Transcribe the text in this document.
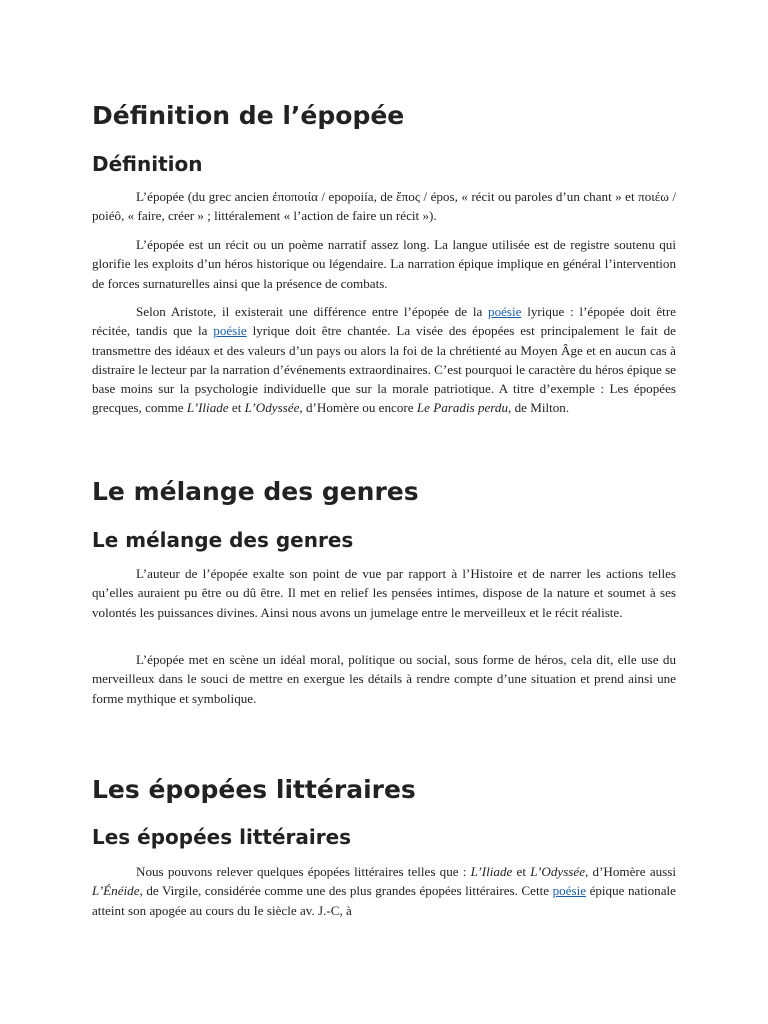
Définition de l’épopée
Définition

L’épopée (du grec ancien ἐποποιία / epopoiía, de ἔπος / épos, « récit ou paroles d’un chant » et ποιέω / poiéô, « faire, créer » ; littéralement « l’action de faire un récit »).

L’épopée est un récit ou un poème narratif assez long. La langue utilisée est de registre soutenu qui glorifie les exploits d’un héros historique ou légendaire. La narration épique implique en général l’intervention de forces surnaturelles ainsi que la présence de combats.

Selon Aristote, il existerait une différence entre l’épopée de la poésie lyrique : l’épopée doit être récitée, tandis que la poésie lyrique doit être chantée. La visée des épopées est principalement le fait de transmettre des idéaux et des valeurs d’un pays ou alors la foi de la chrétienté au Moyen Âge et en aucun cas à distraire le lecteur par la narration d’événements extraordinaires. C’est pourquoi le caractère du héros épique se base moins sur la psychologie individuelle que sur la morale patriotique. A titre d’exemple : Les épopées grecques, comme L’Iliade et L’Odyssée, d’Homère ou encore Le Paradis perdu, de Milton.

Le mélange des genres
Le mélange des genres

L’auteur de l’épopée exalte son point de vue par rapport à l’Histoire et de narrer les actions telles qu’elles auraient pu être ou dû être. Il met en relief les pensées intimes, dispose de la nature et soumet à ses volontés les puissances divines. Ainsi nous avons un jumelage entre le merveilleux et le récit réaliste.

L’épopée met en scène un idéal moral, politique ou social, sous forme de héros, cela dit, elle use du merveilleux dans le souci de mettre en exergue les détails à rendre compte d’une situation et prend ainsi une forme mythique et symbolique.

Les épopées littéraires
Les épopées littéraires

Nous pouvons relever quelques épopées littéraires telles que : L’Iliade et L’Odyssée, d’Homère aussi L’Énéide, de Virgile, considérée comme une des plus grandes épopées littéraires. Cette poésie épique nationale atteint son apogée au cours du Ie siècle av. J.-C, à
